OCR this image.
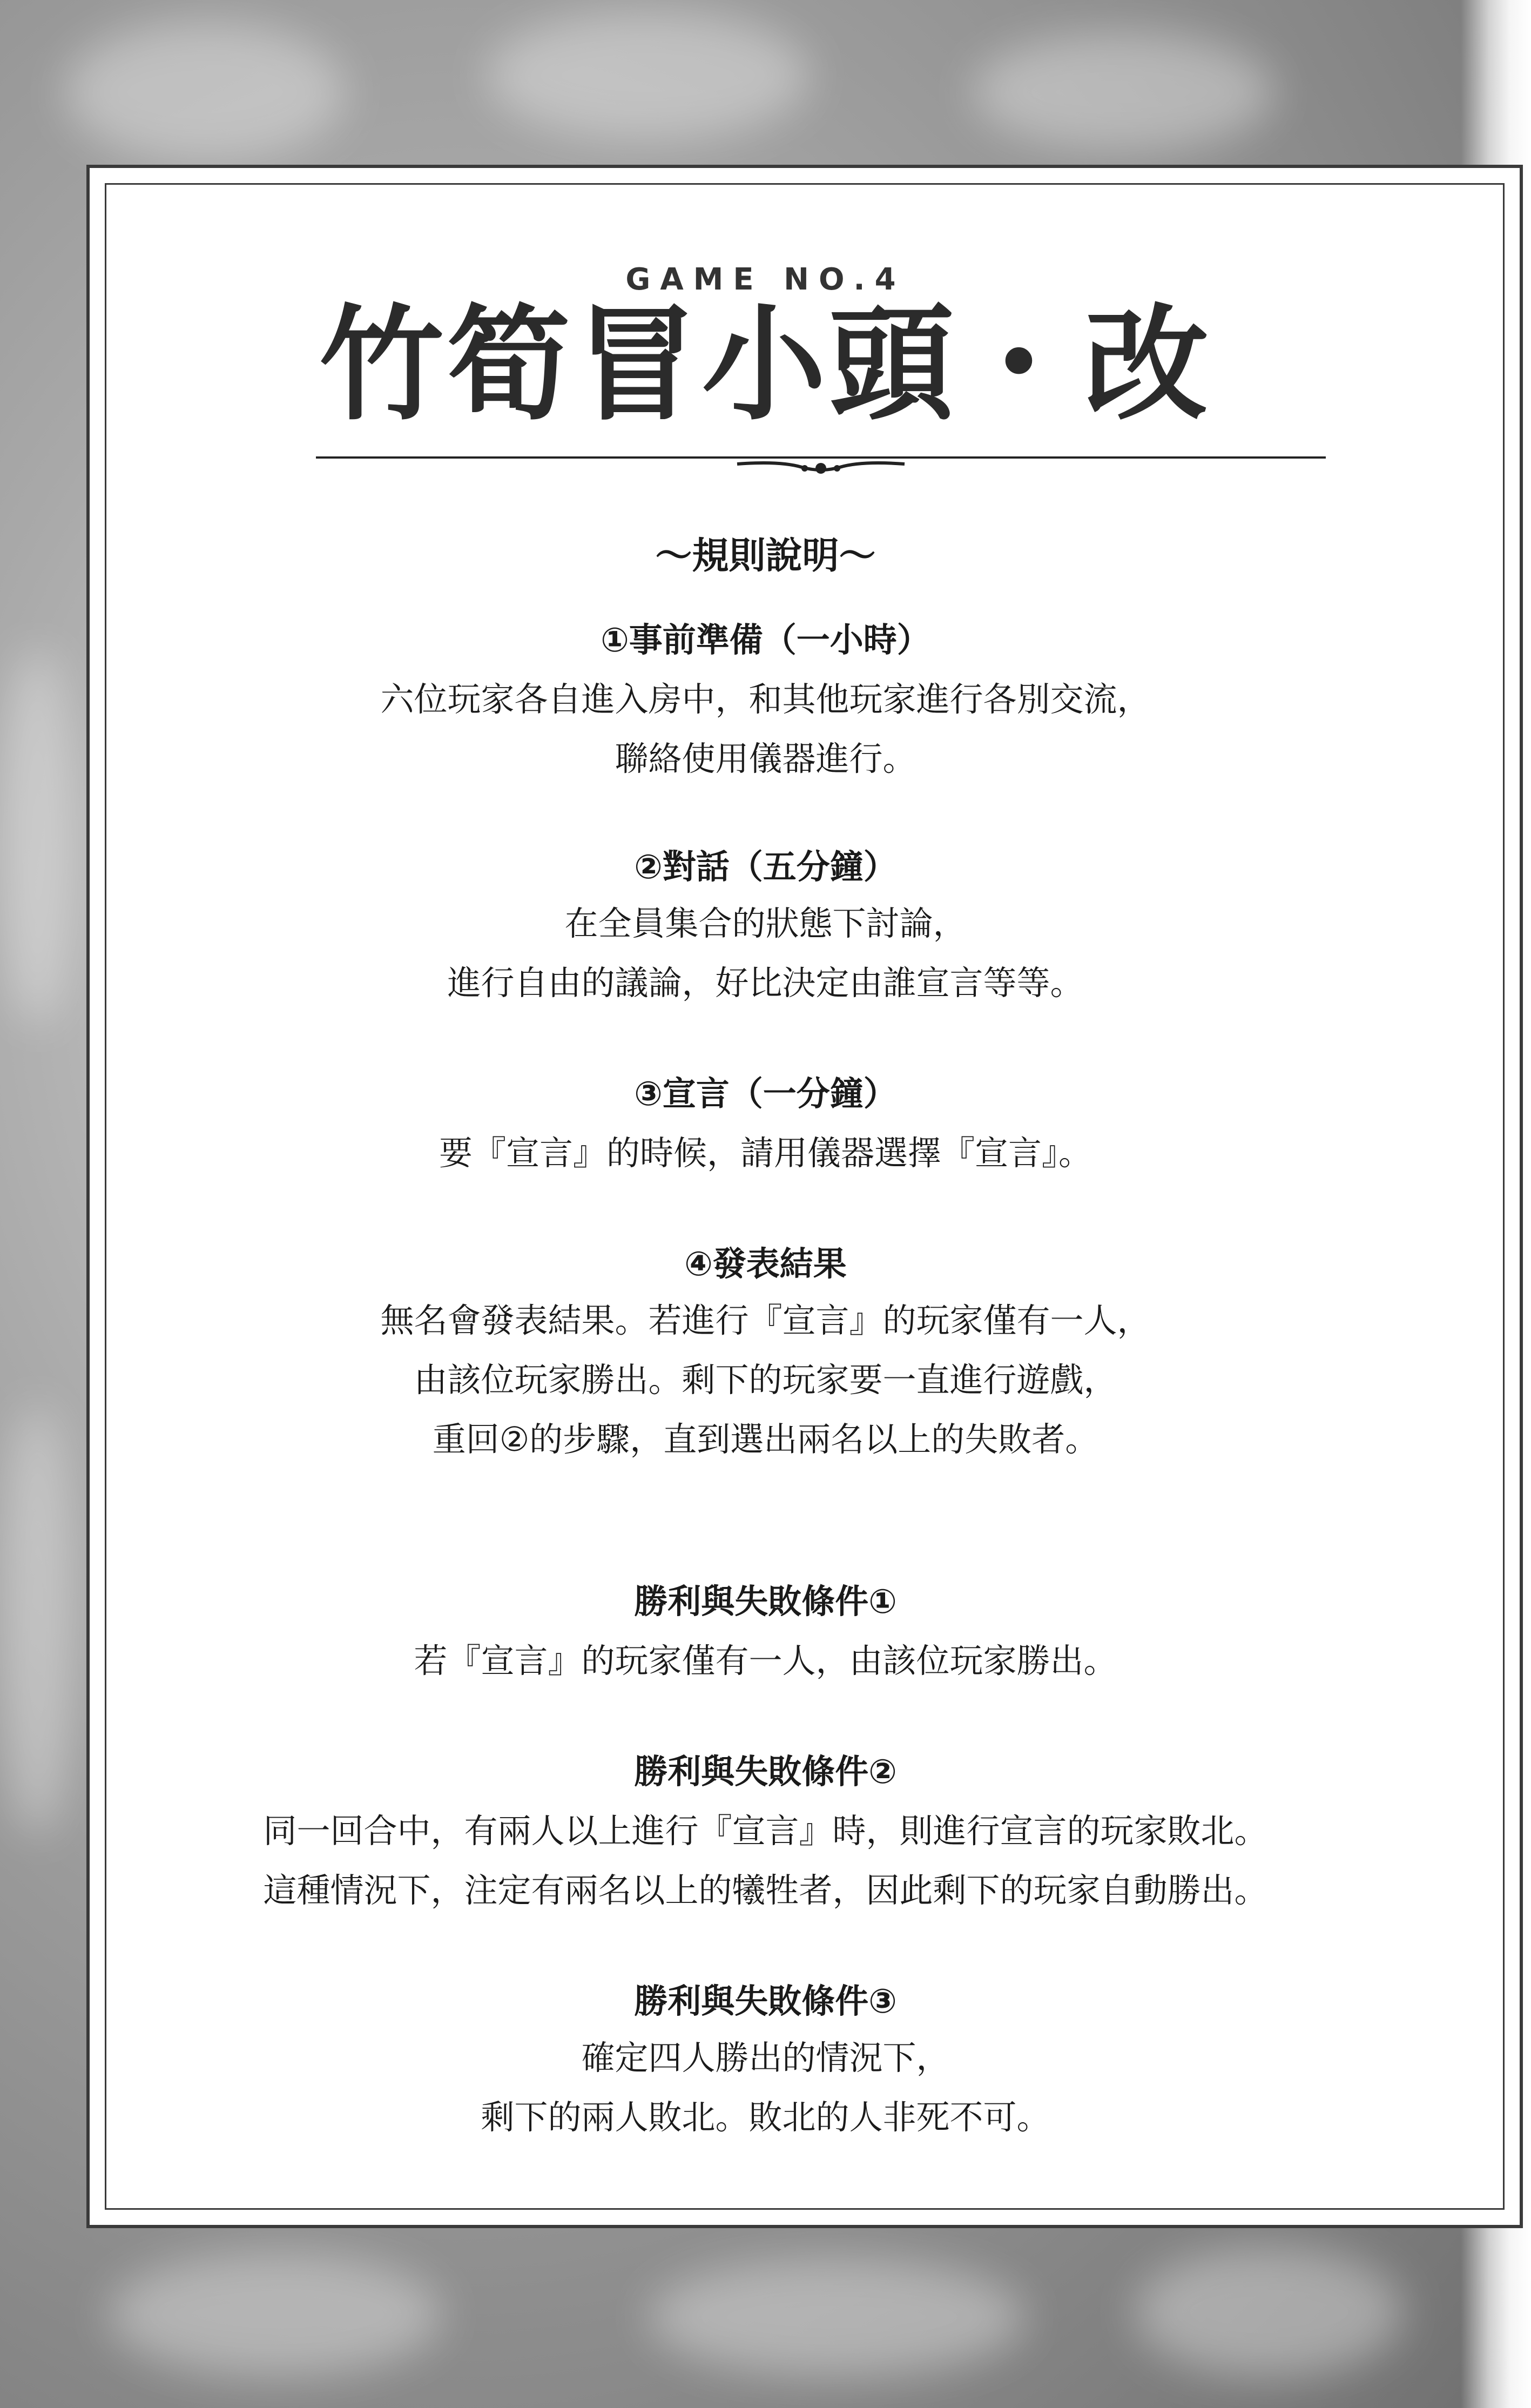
GAME NO.4
竹筍冒小頭・改
～規則說明～
①事前準備（一小時）
六位玩家各自進入房中，和其他玩家進行各別交流，
聯絡使用儀器進行。
②對話（五分鐘）
在全員集合的狀態下討論，
進行自由的議論，好比決定由誰宣言等等。
③宣言（一分鐘）
要『宣言』的時候，請用儀器選擇『宣言』。
④發表結果
無名會發表結果。若進行『宣言』的玩家僅有一人，
由該位玩家勝出。剩下的玩家要一直進行遊戲，
重回②的步驟，直到選出兩名以上的失敗者。
勝利與失敗條件①
若『宣言』的玩家僅有一人，由該位玩家勝出。
勝利與失敗條件②
同一回合中，有兩人以上進行『宣言』時，則進行宣言的玩家敗北。
這種情況下，注定有兩名以上的犧牲者，因此剩下的玩家自動勝出。
勝利與失敗條件③
確定四人勝出的情況下，
剩下的兩人敗北。敗北的人非死不可。
